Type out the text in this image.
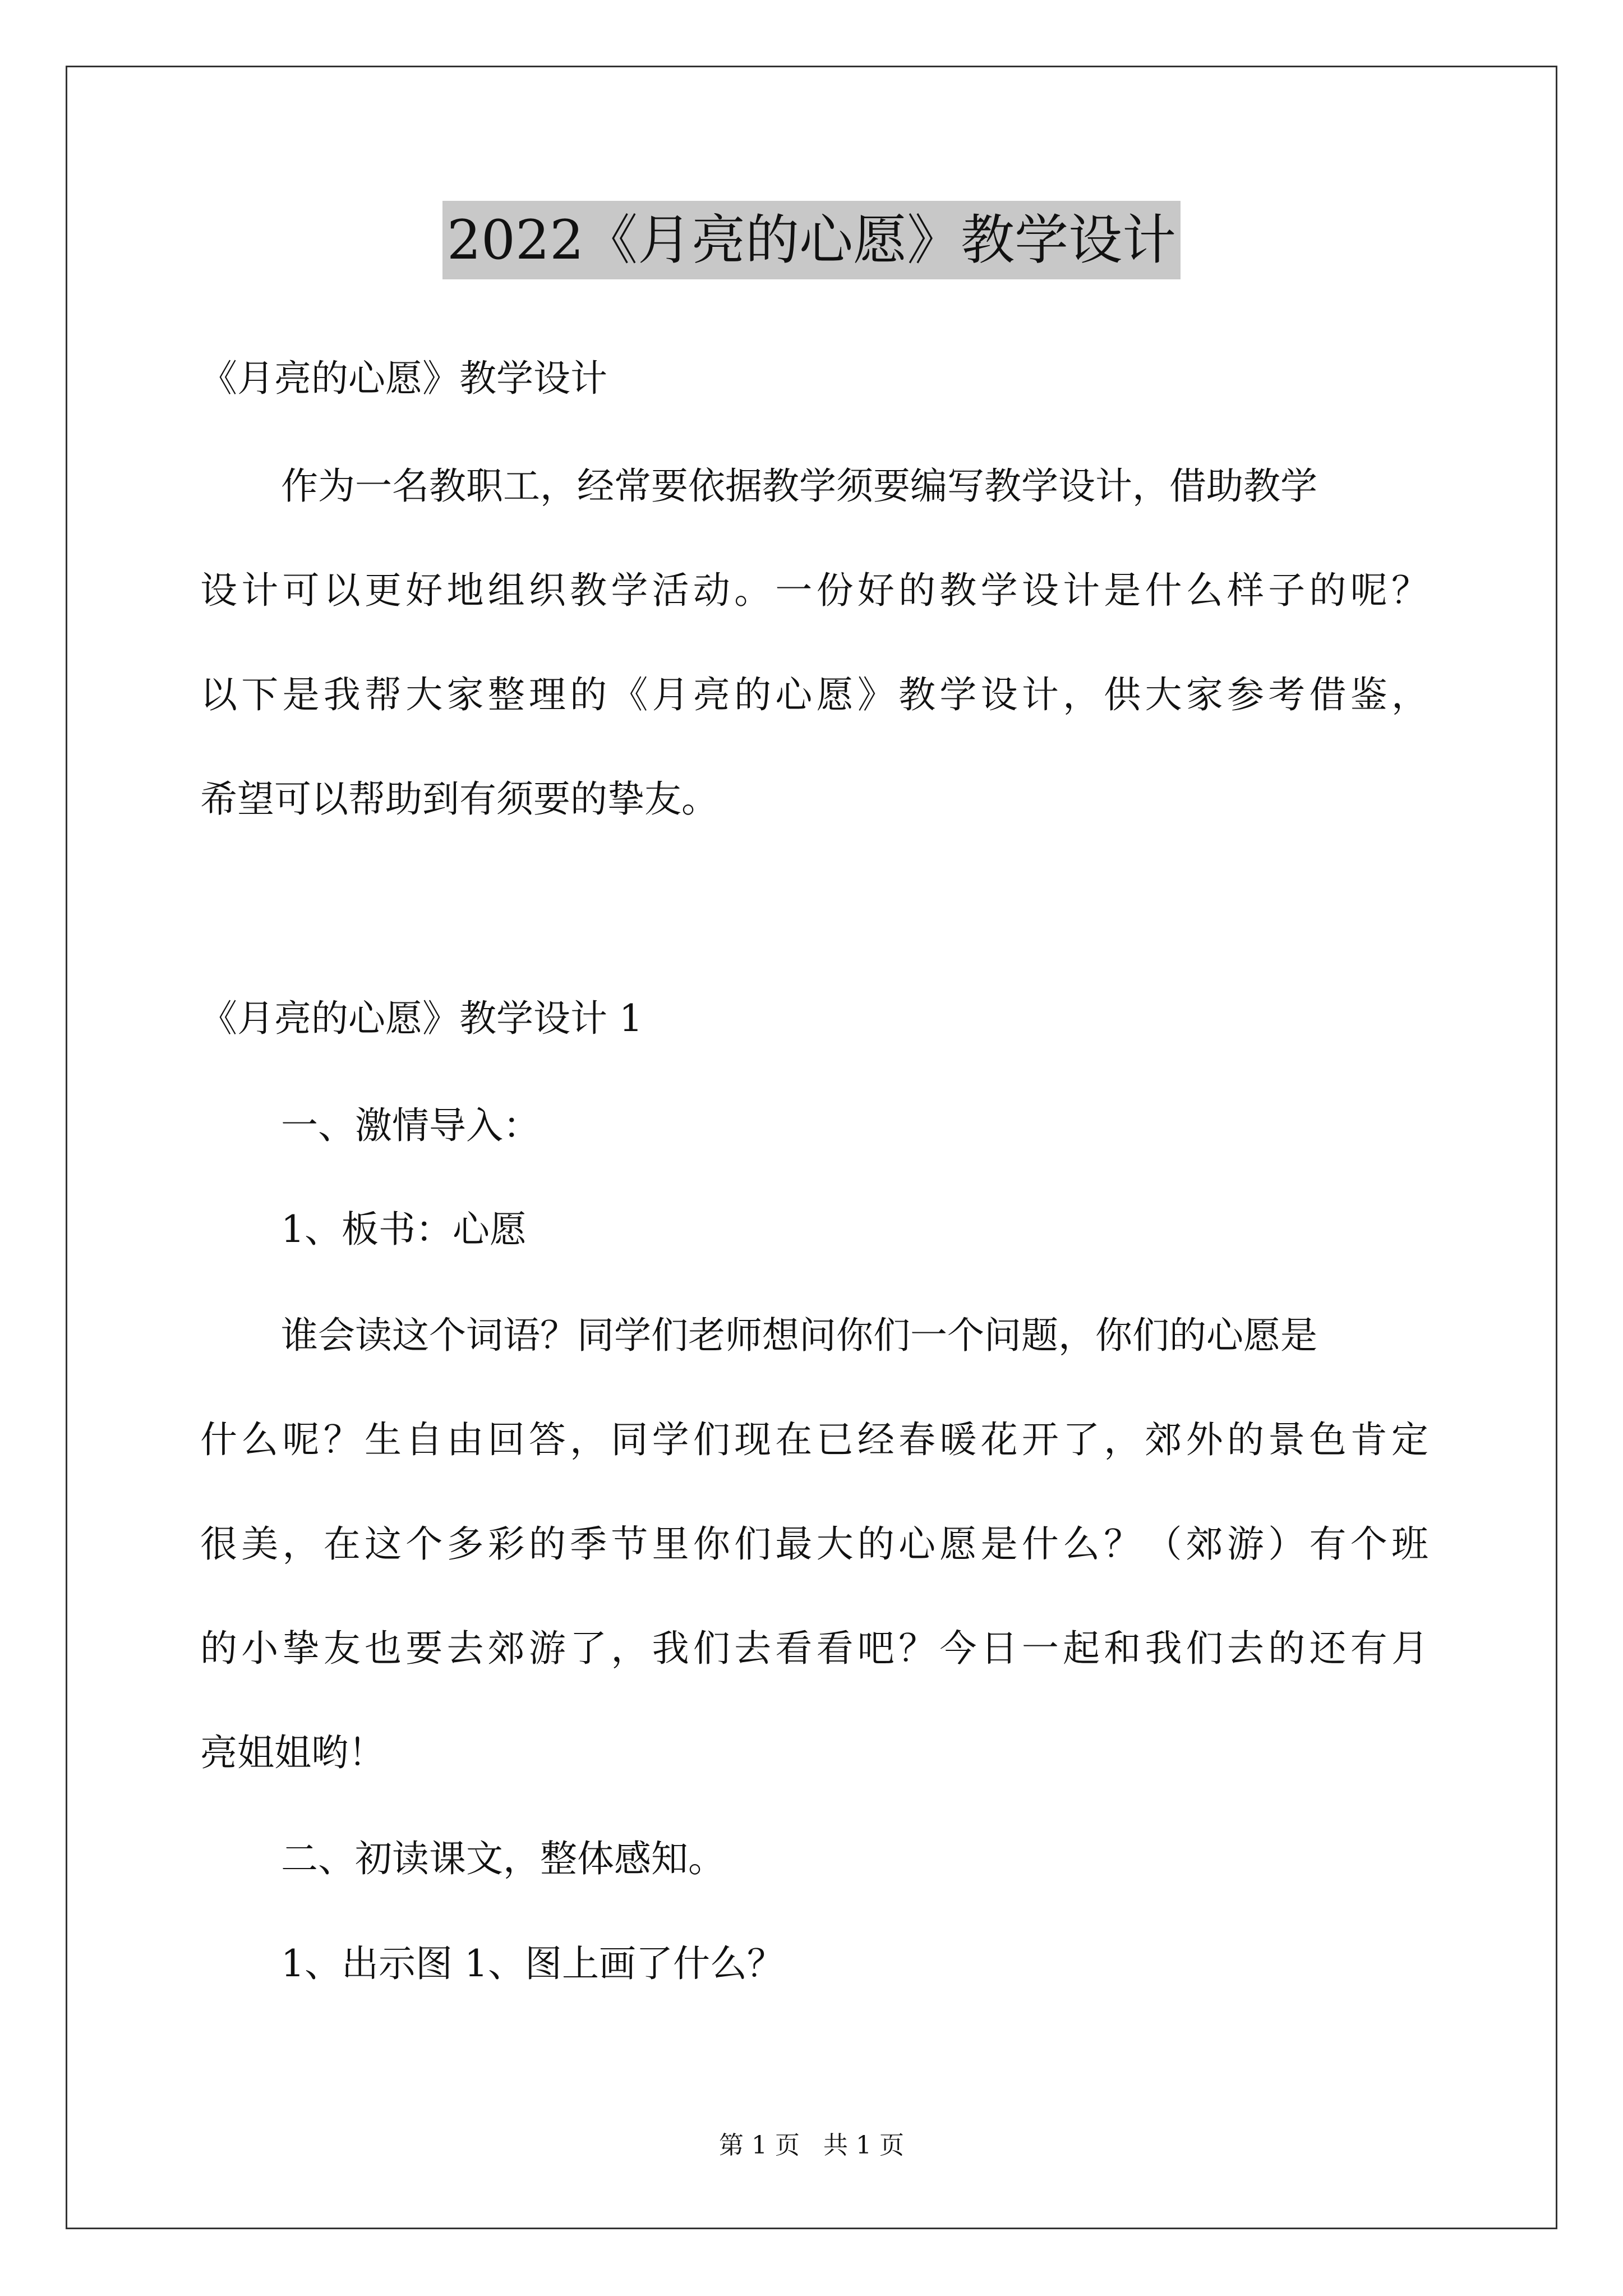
2022《月亮的心愿》教学设计
《月亮的心愿》教学设计
作为一名教职工，经常要依据教学须要编写教学设计，借助教学
设计可以更好地组织教学活动。一份好的教学设计是什么样子的呢？
以下是我帮大家整理的《月亮的心愿》教学设计，供大家参考借鉴，
希望可以帮助到有须要的挚友。
《月亮的心愿》教学设计 1
一、激情导入：
1、板书：心愿
谁会读这个词语？同学们老师想问你们一个问题，你们的心愿是
什么呢？生自由回答，同学们现在已经春暖花开了，郊外的景色肯定
很美，在这个多彩的季节里你们最大的心愿是什么？（郊游）有个班
的小挚友也要去郊游了，我们去看看吧？今日一起和我们去的还有月
亮姐姐哟！
二、初读课文，整体感知。
1、出示图 1、图上画了什么？
第 1 页 共 1 页
